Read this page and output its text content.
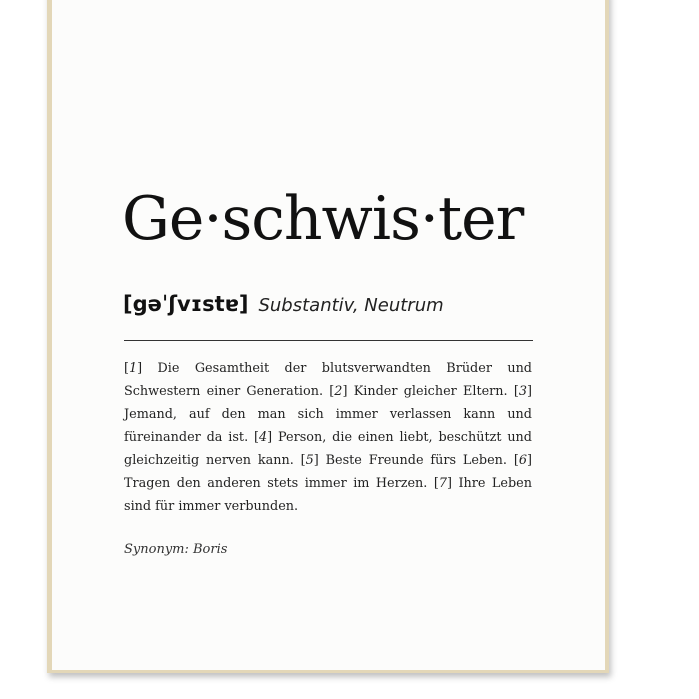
Ge·schwis·ter
[gəˈʃvɪstɐ] Substantiv, Neutrum
[1] Die Gesamtheit der blutsverwandten Brüder und Schwestern einer Generation. [2] Kinder gleicher Eltern. [3] Jemand, auf den man sich immer verlassen kann und füreinander da ist. [4] Person, die einen liebt, beschützt und gleichzeitig nerven kann. [5] Beste Freunde fürs Leben. [6] Tragen den anderen stets immer im Herzen. [7] Ihre Leben sind für immer verbunden.
Synonym: Boris
